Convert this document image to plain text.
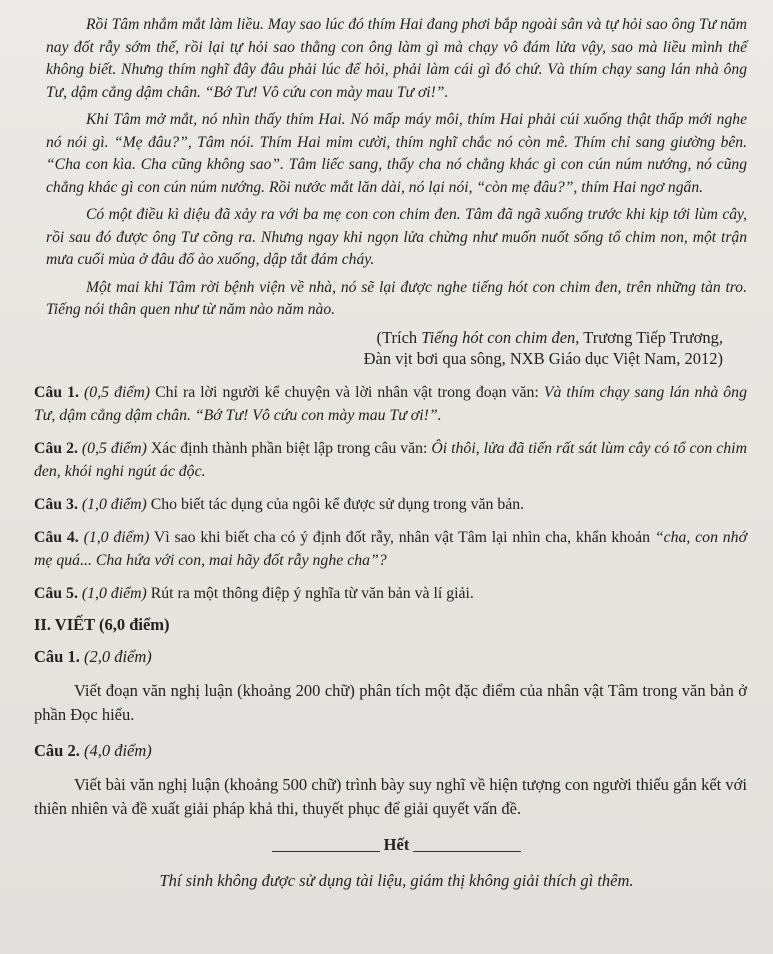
Rồi Tâm nhắm mắt làm liều. May sao lúc đó thím Hai đang phơi bắp ngoài sân và tự hỏi sao ông Tư năm nay đốt rẫy sớm thế, rồi lại tự hỏi sao thằng con ông làm gì mà chạy vô đám lửa vậy, sao mà liều mình thế không biết. Nhưng thím nghĩ đây đâu phải lúc để hỏi, phải làm cái gì đó chứ. Và thím chạy sang lán nhà ông Tư, dậm cẳng dậm chân. “Bớ Tư! Vô cứu con mày mau Tư ơi!”.

Khi Tâm mở mắt, nó nhìn thấy thím Hai. Nó mấp máy môi, thím Hai phải cúi xuống thật thấp mới nghe nó nói gì. “Mẹ đâu?”, Tâm nói. Thím Hai mỉm cười, thím nghĩ chắc nó còn mê. Thím chỉ sang giường bên. “Cha con kìa. Cha cũng không sao”. Tâm liếc sang, thấy cha nó chẳng khác gì con cún núm nướng, nó cũng chẳng khác gì con cún núm nướng. Rồi nước mắt lăn dài, nó lại nói, “còn mẹ đâu?”, thím Hai ngơ ngẩn.

Có một điều kì diệu đã xảy ra với ba mẹ con con chim đen. Tâm đã ngã xuống trước khi kịp tới lùm cây, rồi sau đó được ông Tư cõng ra. Nhưng ngay khi ngọn lửa chừng như muốn nuốt sống tổ chim non, một trận mưa cuối mùa ở đâu đổ ào xuống, dập tắt đám cháy.

Một mai khi Tâm rời bệnh viện về nhà, nó sẽ lại được nghe tiếng hót con chim đen, trên những tàn tro. Tiếng nói thân quen như từ năm nào năm nào.

(Trích Tiếng hót con chim đen, Trương Tiếp Trương,
Đàn vịt bơi qua sông, NXB Giáo dục Việt Nam, 2012)

Câu 1. (0,5 điểm) Chỉ ra lời người kể chuyện và lời nhân vật trong đoạn văn: Và thím chạy sang lán nhà ông Tư, dậm cẳng dậm chân. “Bớ Tư! Vô cứu con mày mau Tư ơi!”.

Câu 2. (0,5 điểm) Xác định thành phần biệt lập trong câu văn: Ôi thôi, lửa đã tiến rất sát lùm cây có tổ con chim đen, khói nghi ngút ác độc.

Câu 3. (1,0 điểm) Cho biết tác dụng của ngôi kể được sử dụng trong văn bản.

Câu 4. (1,0 điểm) Vì sao khi biết cha có ý định đốt rẫy, nhân vật Tâm lại nhìn cha, khẩn khoản “cha, con nhớ mẹ quá... Cha hứa với con, mai hãy đốt rẫy nghe cha”?

Câu 5. (1,0 điểm) Rút ra một thông điệp ý nghĩa từ văn bản và lí giải.

II. VIẾT (6,0 điểm)
Câu 1. (2,0 điểm)

Viết đoạn văn nghị luận (khoảng 200 chữ) phân tích một đặc điểm của nhân vật Tâm trong văn bản ở phần Đọc hiểu.

Câu 2. (4,0 điểm)

Viết bài văn nghị luận (khoảng 500 chữ) trình bày suy nghĩ về hiện tượng con người thiếu gắn kết với thiên nhiên và đề xuất giải pháp khả thi, thuyết phục để giải quyết vấn đề.

Hết

Thí sinh không được sử dụng tài liệu, giám thị không giải thích gì thêm.
